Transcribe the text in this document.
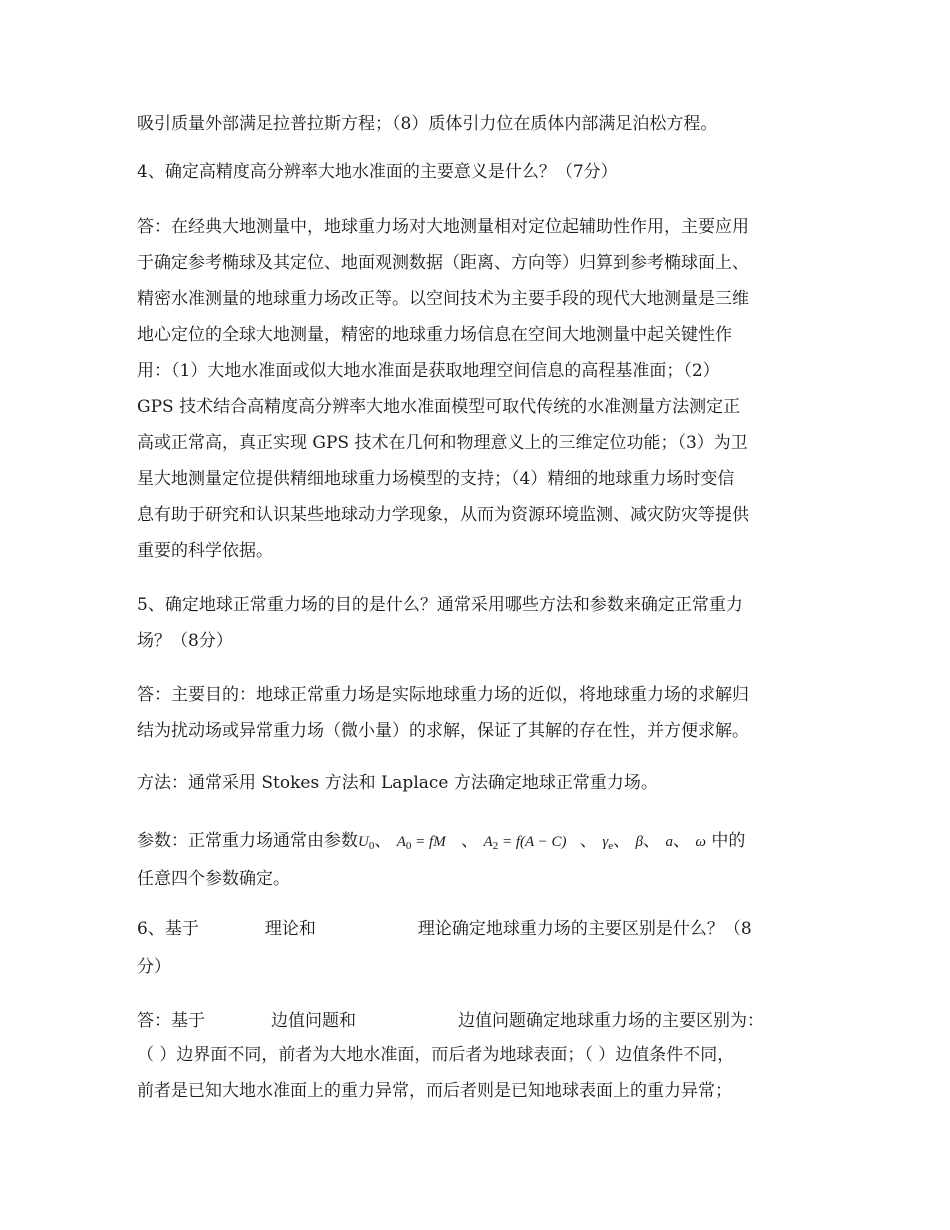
吸引质量外部满足拉普拉斯方程；（8）质体引力位在质体内部满足泊松方程。
4、确定高精度高分辨率大地水准面的主要意义是什么？（7分）
答：在经典大地测量中，地球重力场对大地测量相对定位起辅助性作用，主要应用
于确定参考椭球及其定位、地面观测数据（距离、方向等）归算到参考椭球面上、
精密水准测量的地球重力场改正等。以空间技术为主要手段的现代大地测量是三维
地心定位的全球大地测量，精密的地球重力场信息在空间大地测量中起关键性作
用：（1）大地水准面或似大地水准面是获取地理空间信息的高程基准面；（2）
GPS 技术结合高精度高分辨率大地水准面模型可取代传统的水准测量方法测定正
高或正常高，真正实现 GPS 技术在几何和物理意义上的三维定位功能；（3）为卫
星大地测量定位提供精细地球重力场模型的支持；（4）精细的地球重力场时变信
息有助于研究和认识某些地球动力学现象，从而为资源环境监测、减灾防灾等提供
重要的科学依据。
5、确定地球正常重力场的目的是什么？通常采用哪些方法和参数来确定正常重力
场？（8分）
答：主要目的：地球正常重力场是实际地球重力场的近似，将地球重力场的求解归
结为扰动场或异常重力场（微小量）的求解，保证了其解的存在性，并方便求解。
方法：通常采用 Stokes 方法和 Laplace 方法确定地球正常重力场。
参数：正常重力场通常由参数$U_0$、 $A_0$ = fM 、 $A_2 = f(A - C)$ 、 $\gamma_e$、 β、 a、 ω 中的
任意四个参数确定。
6、基于	理论和	理论确定地球重力场的主要区别是什么？（8
分）
答：基于	边值问题和	边值问题确定地球重力场的主要区别为：
（ ）边界面不同，前者为大地水准面，而后者为地球表面；（ ）边值条件不同，
前者是已知大地水准面上的重力异常，而后者则是已知地球表面上的重力异常；
